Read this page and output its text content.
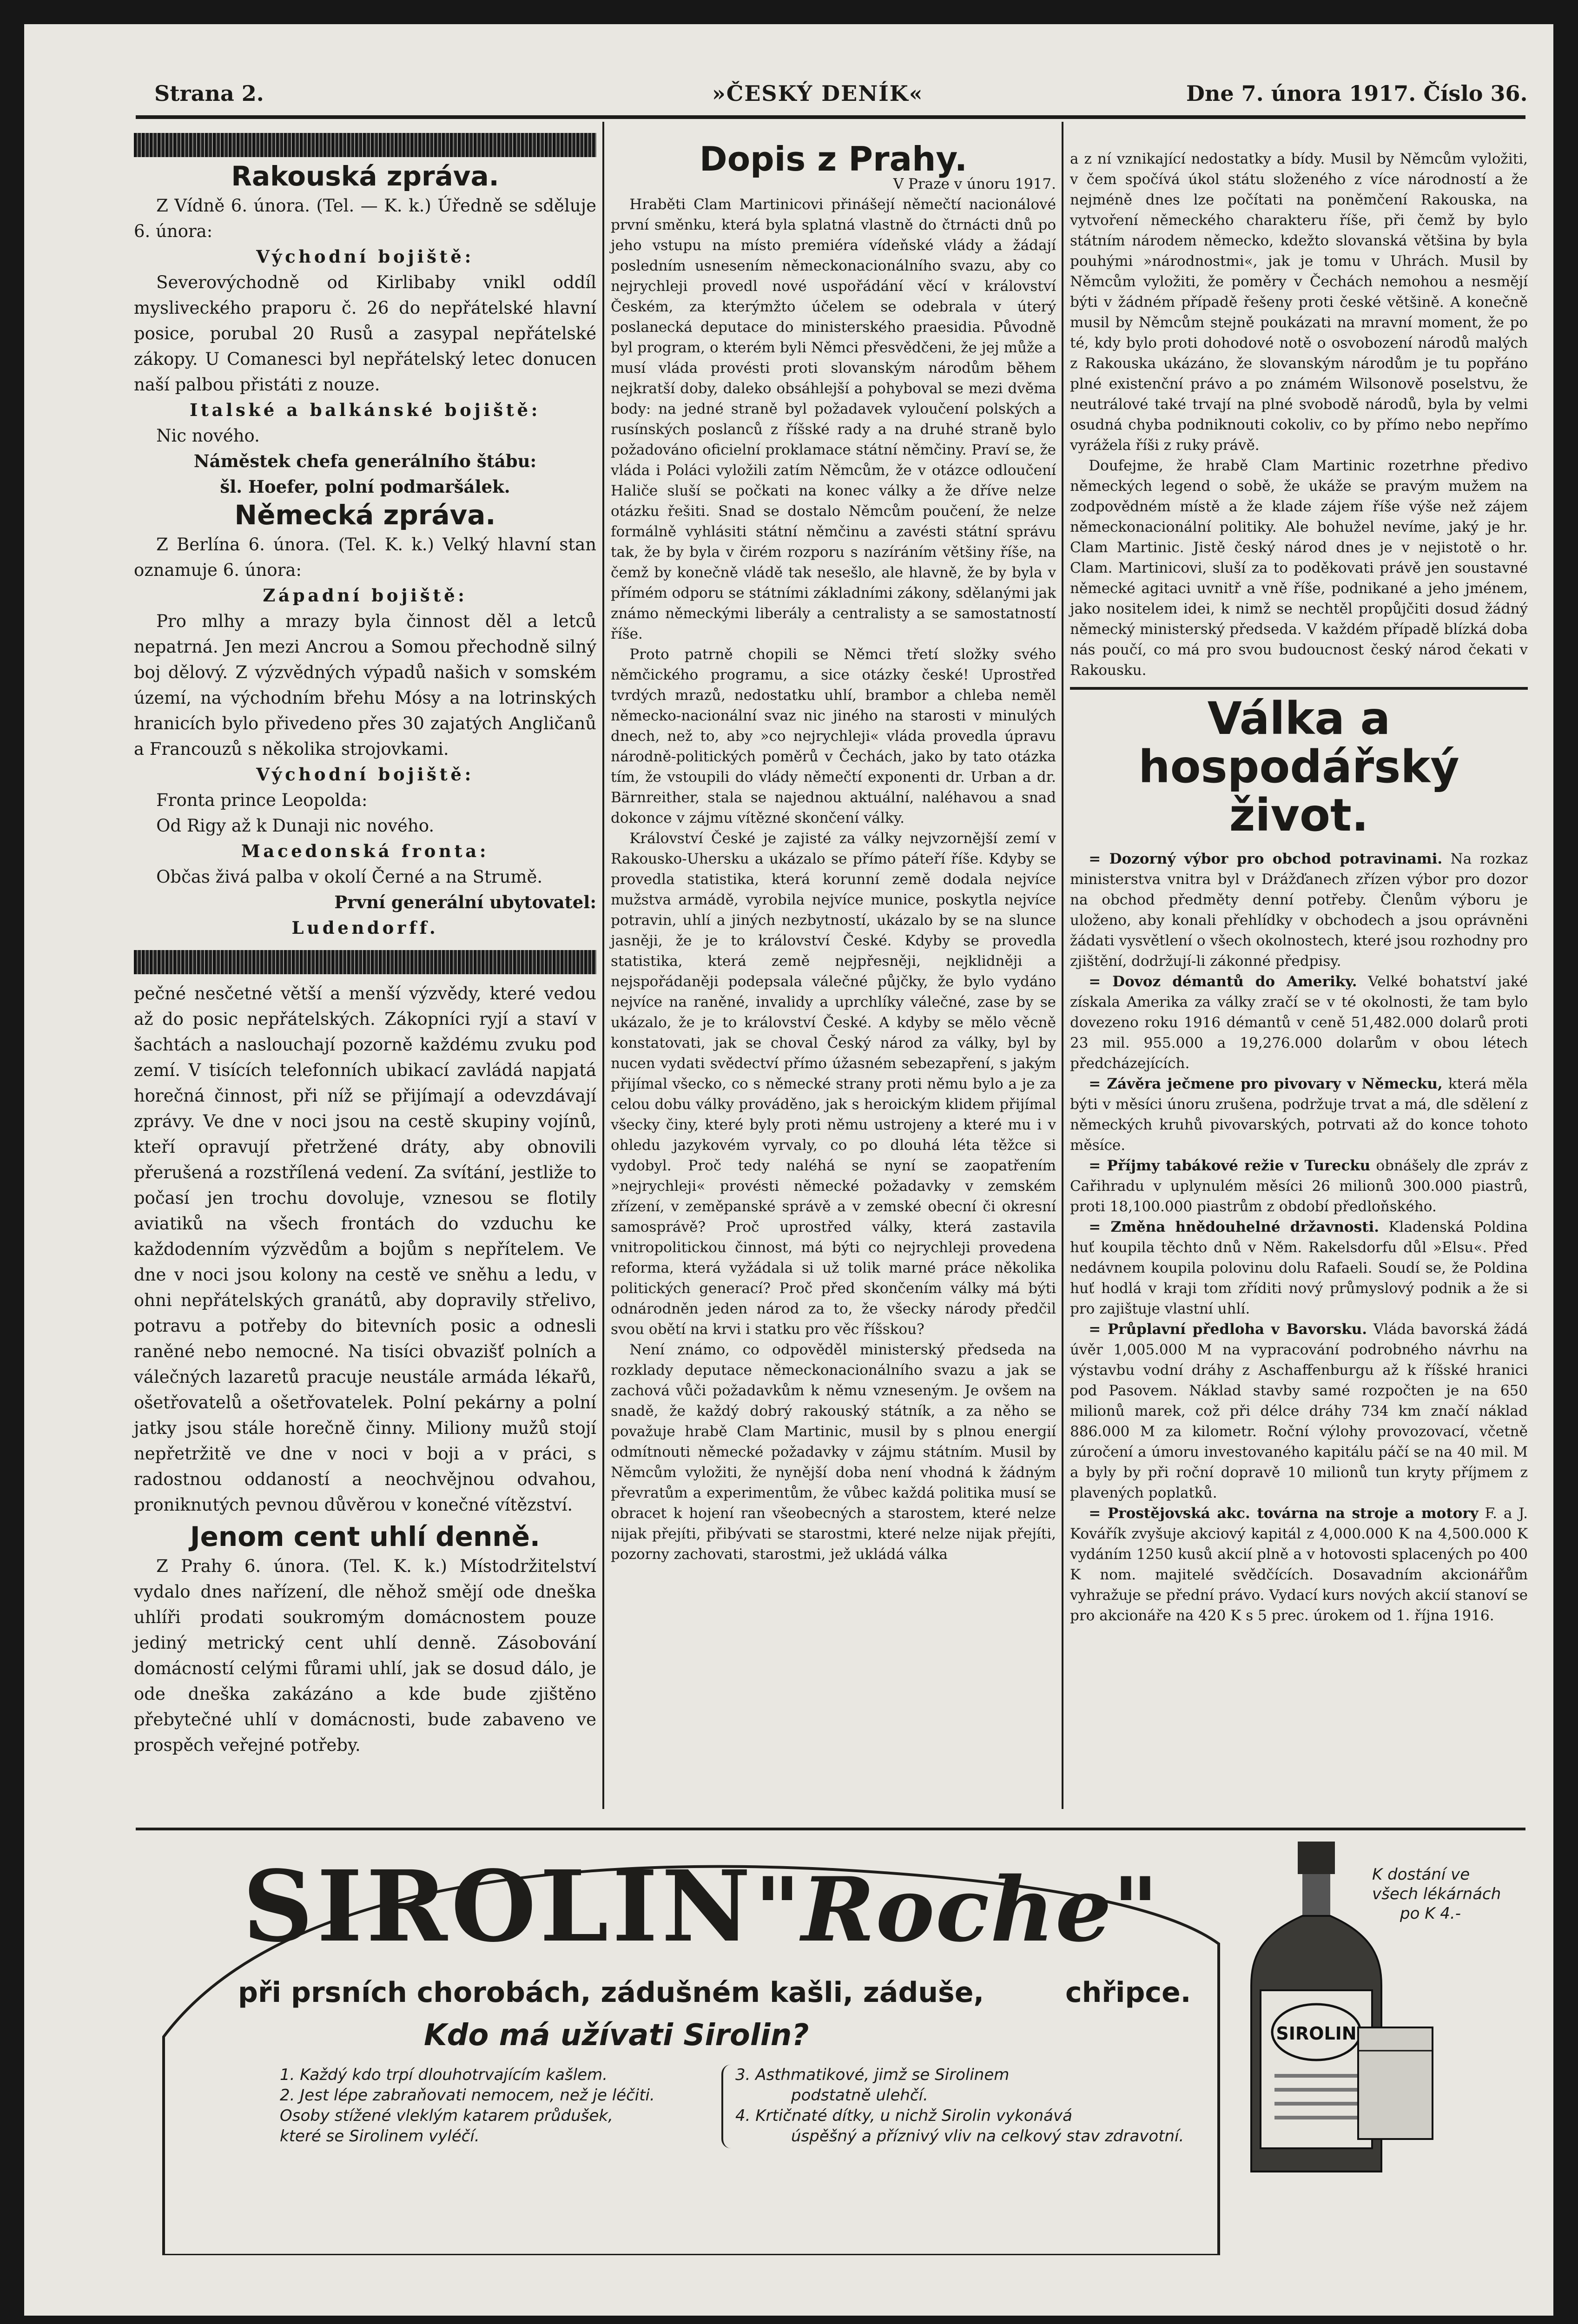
Strana 2.	»ČESKÝ DENÍK«	Dne 7. února 1917. Číslo 36.
Rakouská zpráva.

Z Vídně 6. února. (Tel. — K. k.) Úředně se sděluje 6. února:

Východní bojiště:

Severovýchodně od Kirlibaby vnikl oddíl mysliveckého praporu č. 26 do nepřátelské hlavní posice, porubal 20 Rusů a zasypal nepřátelské zákopy. U Comanesci byl nepřátelský letec donucen naší palbou přistáti z nouze.

Italské a balkánské bojiště:

Nic nového.

Náměstek chefa generálního štábu:
šl. Hoefer, polní podmaršálek.
Německá zpráva.

Z Berlína 6. února. (Tel. K. k.) Velký hlavní stan oznamuje 6. února:

Západní bojiště:

Pro mlhy a mrazy byla činnost děl a letců nepatrná. Jen mezi Ancrou a Somou přechodně silný boj dělový. Z výzvědných výpadů našich v somském území, na východním břehu Mósy a na lotrinských hranicích bylo přivedeno přes 30 zajatých Angličanů a Francouzů s několika strojovkami.

Východní bojiště:

Fronta prince Leopolda:

Od Rigy až k Dunaji nic nového.

Macedonská fronta:

Občas živá palba v okolí Černé a na Strumě.

První generální ubytovatel:
Ludendorff.

pečné nesčetné větší a menší výzvědy, které vedou až do posic nepřátelských. Zákopníci ryjí a staví v šachtách a naslouchají pozorně každému zvuku pod zemí. V tisících telefonních ubikací zavládá napjatá horečná činnost, při níž se přijímají a odevzdávají zprávy. Ve dne v noci jsou na cestě skupiny vojínů, kteří opravují přetržené dráty, aby obnovili přerušená a rozstřílená vedení. Za svítání, jestliže to počasí jen trochu dovoluje, vznesou se flotily aviatiků na všech frontách do vzduchu ke každodenním výzvědům a bojům s nepřítelem. Ve dne v noci jsou kolony na cestě ve sněhu a ledu, v ohni nepřátelských granátů, aby dopravily střelivo, potravu a potřeby do bitevních posic a odnesli raněné nebo nemocné. Na tisíci obvazišť polních a válečných lazaretů pracuje neustále armáda lékařů, ošetřovatelů a ošetřovatelek. Polní pekárny a polní jatky jsou stále horečně činny. Miliony mužů stojí nepřetržitě ve dne v noci v boji a v práci, s radostnou oddaností a neochvějnou odvahou, proniknutých pevnou důvěrou v konečné vítězství.

Jenom cent uhlí denně.

Z Prahy 6. února. (Tel. K. k.) Místodržitelství vydalo dnes nařízení, dle něhož smějí ode dneška uhlíři prodati soukromým domácnostem pouze jediný metrický cent uhlí denně. Zásobování domácností celými fůrami uhlí, jak se dosud dálo, je ode dneška zakázáno a kde bude zjištěno přebytečné uhlí v domácnosti, bude zabaveno ve prospěch veřejné potřeby.

Dopis z Prahy.
V Praze v únoru 1917.

Hraběti Clam Martinicovi přinášejí němečtí nacionálové první směnku, která byla splatná vlastně do čtrnácti dnů po jeho vstupu na místo premiéra vídeňské vlády a žádají posledním usnesením německonacionálního svazu, aby co nejrychleji provedl nové uspořádání věcí v království Českém, za kterýmžto účelem se odebrala v úterý poslanecká deputace do ministerského praesidia. Původně byl program, o kterém byli Němci přesvědčeni, že jej může a musí vláda provésti proti slovanským národům během nejkratší doby, daleko obsáhlejší a pohyboval se mezi dvěma body: na jedné straně byl požadavek vyloučení polských a rusínských poslanců z říšské rady a na druhé straně bylo požadováno oficielní proklamace státní němčiny. Praví se, že vláda i Poláci vyložili zatím Němcům, že v otázce odloučení Haliče sluší se počkati na konec války a že dříve nelze otázku řešiti. Snad se dostalo Němcům poučení, že nelze formálně vyhlásiti státní němčinu a zavésti státní správu tak, že by byla v čirém rozporu s nazíráním většiny říše, na čemž by konečně vládě tak nesešlo, ale hlavně, že by byla v přímém odporu se státními základními zákony, sdělanými jak známo německými liberály a centralisty a se samostatností říše.

Proto patrně chopili se Němci třetí složky svého němčického programu, a sice otázky české! Uprostřed tvrdých mrazů, nedostatku uhlí, brambor a chleba neměl německo-nacionální svaz nic jiného na starosti v minulých dnech, než to, aby »co nejrychleji« vláda provedla úpravu národně-politických poměrů v Čechách, jako by tato otázka tím, že vstoupili do vlády němečtí exponenti dr. Urban a dr. Bärnreither, stala se najednou aktuální, naléhavou a snad dokonce v zájmu vítězné skončení války.

Království České je zajisté za války nejvzornější zemí v Rakousko-Uhersku a ukázalo se přímo páteří říše. Kdyby se provedla statistika, která korunní země dodala nejvíce mužstva armádě, vyrobila nejvíce munice, poskytla nejvíce potravin, uhlí a jiných nezbytností, ukázalo by se na slunce jasněji, že je to království České. Kdyby se provedla statistika, která země nejpřesněji, nejklidněji a nejspořádaněji podepsala válečné půjčky, že bylo vydáno nejvíce na raněné, invalidy a uprchlíky válečné, zase by se ukázalo, že je to království České. A kdyby se mělo věcně konstatovati, jak se choval Český národ za války, byl by nucen vydati svědectví přímo úžasném sebezapření, s jakým přijímal všecko, co s německé strany proti němu bylo a je za celou dobu války prováděno, jak s heroickým klidem přijímal všecky činy, které byly proti němu ustrojeny a které mu i v ohledu jazykovém vyrvaly, co po dlouhá léta těžce si vydobyl. Proč tedy naléhá se nyní se zaopatřením »nejrychleji« provésti německé požadavky v zemském zřízení, v zeměpanské správě a v zemské obecní či okresní samosprávě? Proč uprostřed války, která zastavila vnitropolitickou činnost, má býti co nejrychleji provedena reforma, která vyžádala si už tolik marné práce několika politických generací? Proč před skončením války má býti odnárodněn jeden národ za to, že všecky národy předčil svou obětí na krvi i statku pro věc říšskou?

Není známo, co odpověděl ministerský předseda na rozklady deputace německonacionálního svazu a jak se zachová vůči požadavkům k němu vzneseným. Je ovšem na snadě, že každý dobrý rakouský státník, a za něho se považuje hrabě Clam Martinic, musil by s plnou energií odmítnouti německé požadavky v zájmu státním. Musil by Němcům vyložiti, že nynější doba není vhodná k žádným převratům a experimentům, že vůbec každá politika musí se obracet k hojení ran všeobecných a starostem, které nelze nijak přejíti, přibývati se starostmi, které nelze nijak přejíti, pozorny zachovati, starostmi, jež ukládá válka

a z ní vznikající nedostatky a bídy. Musil by Němcům vyložiti, v čem spočívá úkol státu složeného z více národností a že nejméně dnes lze počítati na poněmčení Rakouska, na vytvoření německého charakteru říše, při čemž by bylo státním národem německo, kdežto slovanská většina by byla pouhými »národnostmi«, jak je tomu v Uhrách. Musil by Němcům vyložiti, že poměry v Čechách nemohou a nesmějí býti v žádném případě řešeny proti české většině. A konečně musil by Němcům stejně poukázati na mravní moment, že po té, kdy bylo proti dohodové notě o osvobození národů malých z Rakouska ukázáno, že slovanským národům je tu popřáno plné existenční právo a po známém Wilsonově poselstvu, že neutrálové také trvají na plné svobodě národů, byla by velmi osudná chyba podniknouti cokoliv, co by přímo nebo nepřímo vyrážela říši z ruky právě.

Doufejme, že hrabě Clam Martinic rozetrhne předivo německých legend o sobě, že ukáže se pravým mužem na zodpovědném místě a že klade zájem říše výše než zájem německonacionální politiky. Ale bohužel nevíme, jaký je hr. Clam Martinic. Jistě český národ dnes je v nejistotě o hr. Clam. Martinicovi, sluší za to poděkovati právě jen soustavné německé agitaci uvnitř a vně říše, podnikané a jeho jménem, jako nositelem idei, k nimž se nechtěl propůjčiti dosud žádný německý ministerský předseda. V každém případě blízká doba nás poučí, co má pro svou budoucnost český národ čekati v Rakousku.

Válka a hospodářský život.

= Dozorný výbor pro obchod potravinami. Na rozkaz ministerstva vnitra byl v Drážďanech zřízen výbor pro dozor na obchod předměty denní potřeby. Členům výboru je uloženo, aby konali přehlídky v obchodech a jsou oprávněni žádati vysvětlení o všech okolnostech, které jsou rozhodny pro zjištění, dodržují-li zákonné předpisy.

= Dovoz démantů do Ameriky. Velké bohatství jaké získala Amerika za války zračí se v té okolnosti, že tam bylo dovezeno roku 1916 démantů v ceně 51,482.000 dolarů proti 23 mil. 955.000 a 19,276.000 dolarům v obou létech předcházejících.

= Závěra ječmene pro pivovary v Německu, která měla býti v měsíci únoru zrušena, podržuje trvat a má, dle sdělení z německých kruhů pivovarských, potrvati až do konce tohoto měsíce.

= Příjmy tabákové režie v Turecku obnášely dle zpráv z Cařihradu v uplynulém měsíci 26 milionů 300.000 piastrů, proti 18,100.000 piastrům z období předloňského.

= Změna hnědouhelné državnosti. Kladenská Poldina huť koupila těchto dnů v Něm. Rakelsdorfu důl »Elsu«. Před nedávnem koupila polovinu dolu Rafaeli. Soudí se, že Poldina huť hodlá v kraji tom zříditi nový průmyslový podnik a že si pro zajištuje vlastní uhlí.

= Průplavní předloha v Bavorsku. Vláda bavorská žádá úvěr 1,005.000 M na vypracování podrobného návrhu na výstavbu vodní dráhy z Aschaffenburgu až k říšské hranici pod Pasovem. Náklad stavby samé rozpočten je na 650 milionů marek, což při délce dráhy 734 km značí náklad 886.000 M za kilometr. Roční výlohy provozovací, včetně zúročení a úmoru investovaného kapitálu páčí se na 40 mil. M a byly by při roční dopravě 10 milionů tun kryty příjmem z plavených poplatků.

= Prostějovská akc. továrna na stroje a motory F. a J. Kovářík zvyšuje akciový kapitál z 4,000.000 K na 4,500.000 K vydáním 1250 kusů akcií plně a v hotovosti splacených po 400 K nom. majitelé svědčících. Dosavadním akcionářům vyhražuje se přední právo. Vydací kurs nových akcií stanoví se pro akcionáře na 420 K s 5 prec. úrokem od 1. října 1916.

SIROLIN"Roche"
při prsních chorobách, zádušném kašli, záduše,	chřipce.
Kdo má užívati Sirolin?
1. Každý kdo trpí dlouhotrvajícím kašlem.
2. Jest lépe zabraňovati nemocem, než je léčiti.
Osoby stížené vleklým katarem průdušek,
které se Sirolinem vyléčí.
3. Asthmatikové, jimž se Sirolinem
podstatně ulehčí.
4. Krtičnaté dítky, u nichž Sirolin vykonává
úspěšný a příznivý vliv na celkový stav zdravotní.
SIROLIN
K dostání ve
všech lékárnách
po K 4.-
